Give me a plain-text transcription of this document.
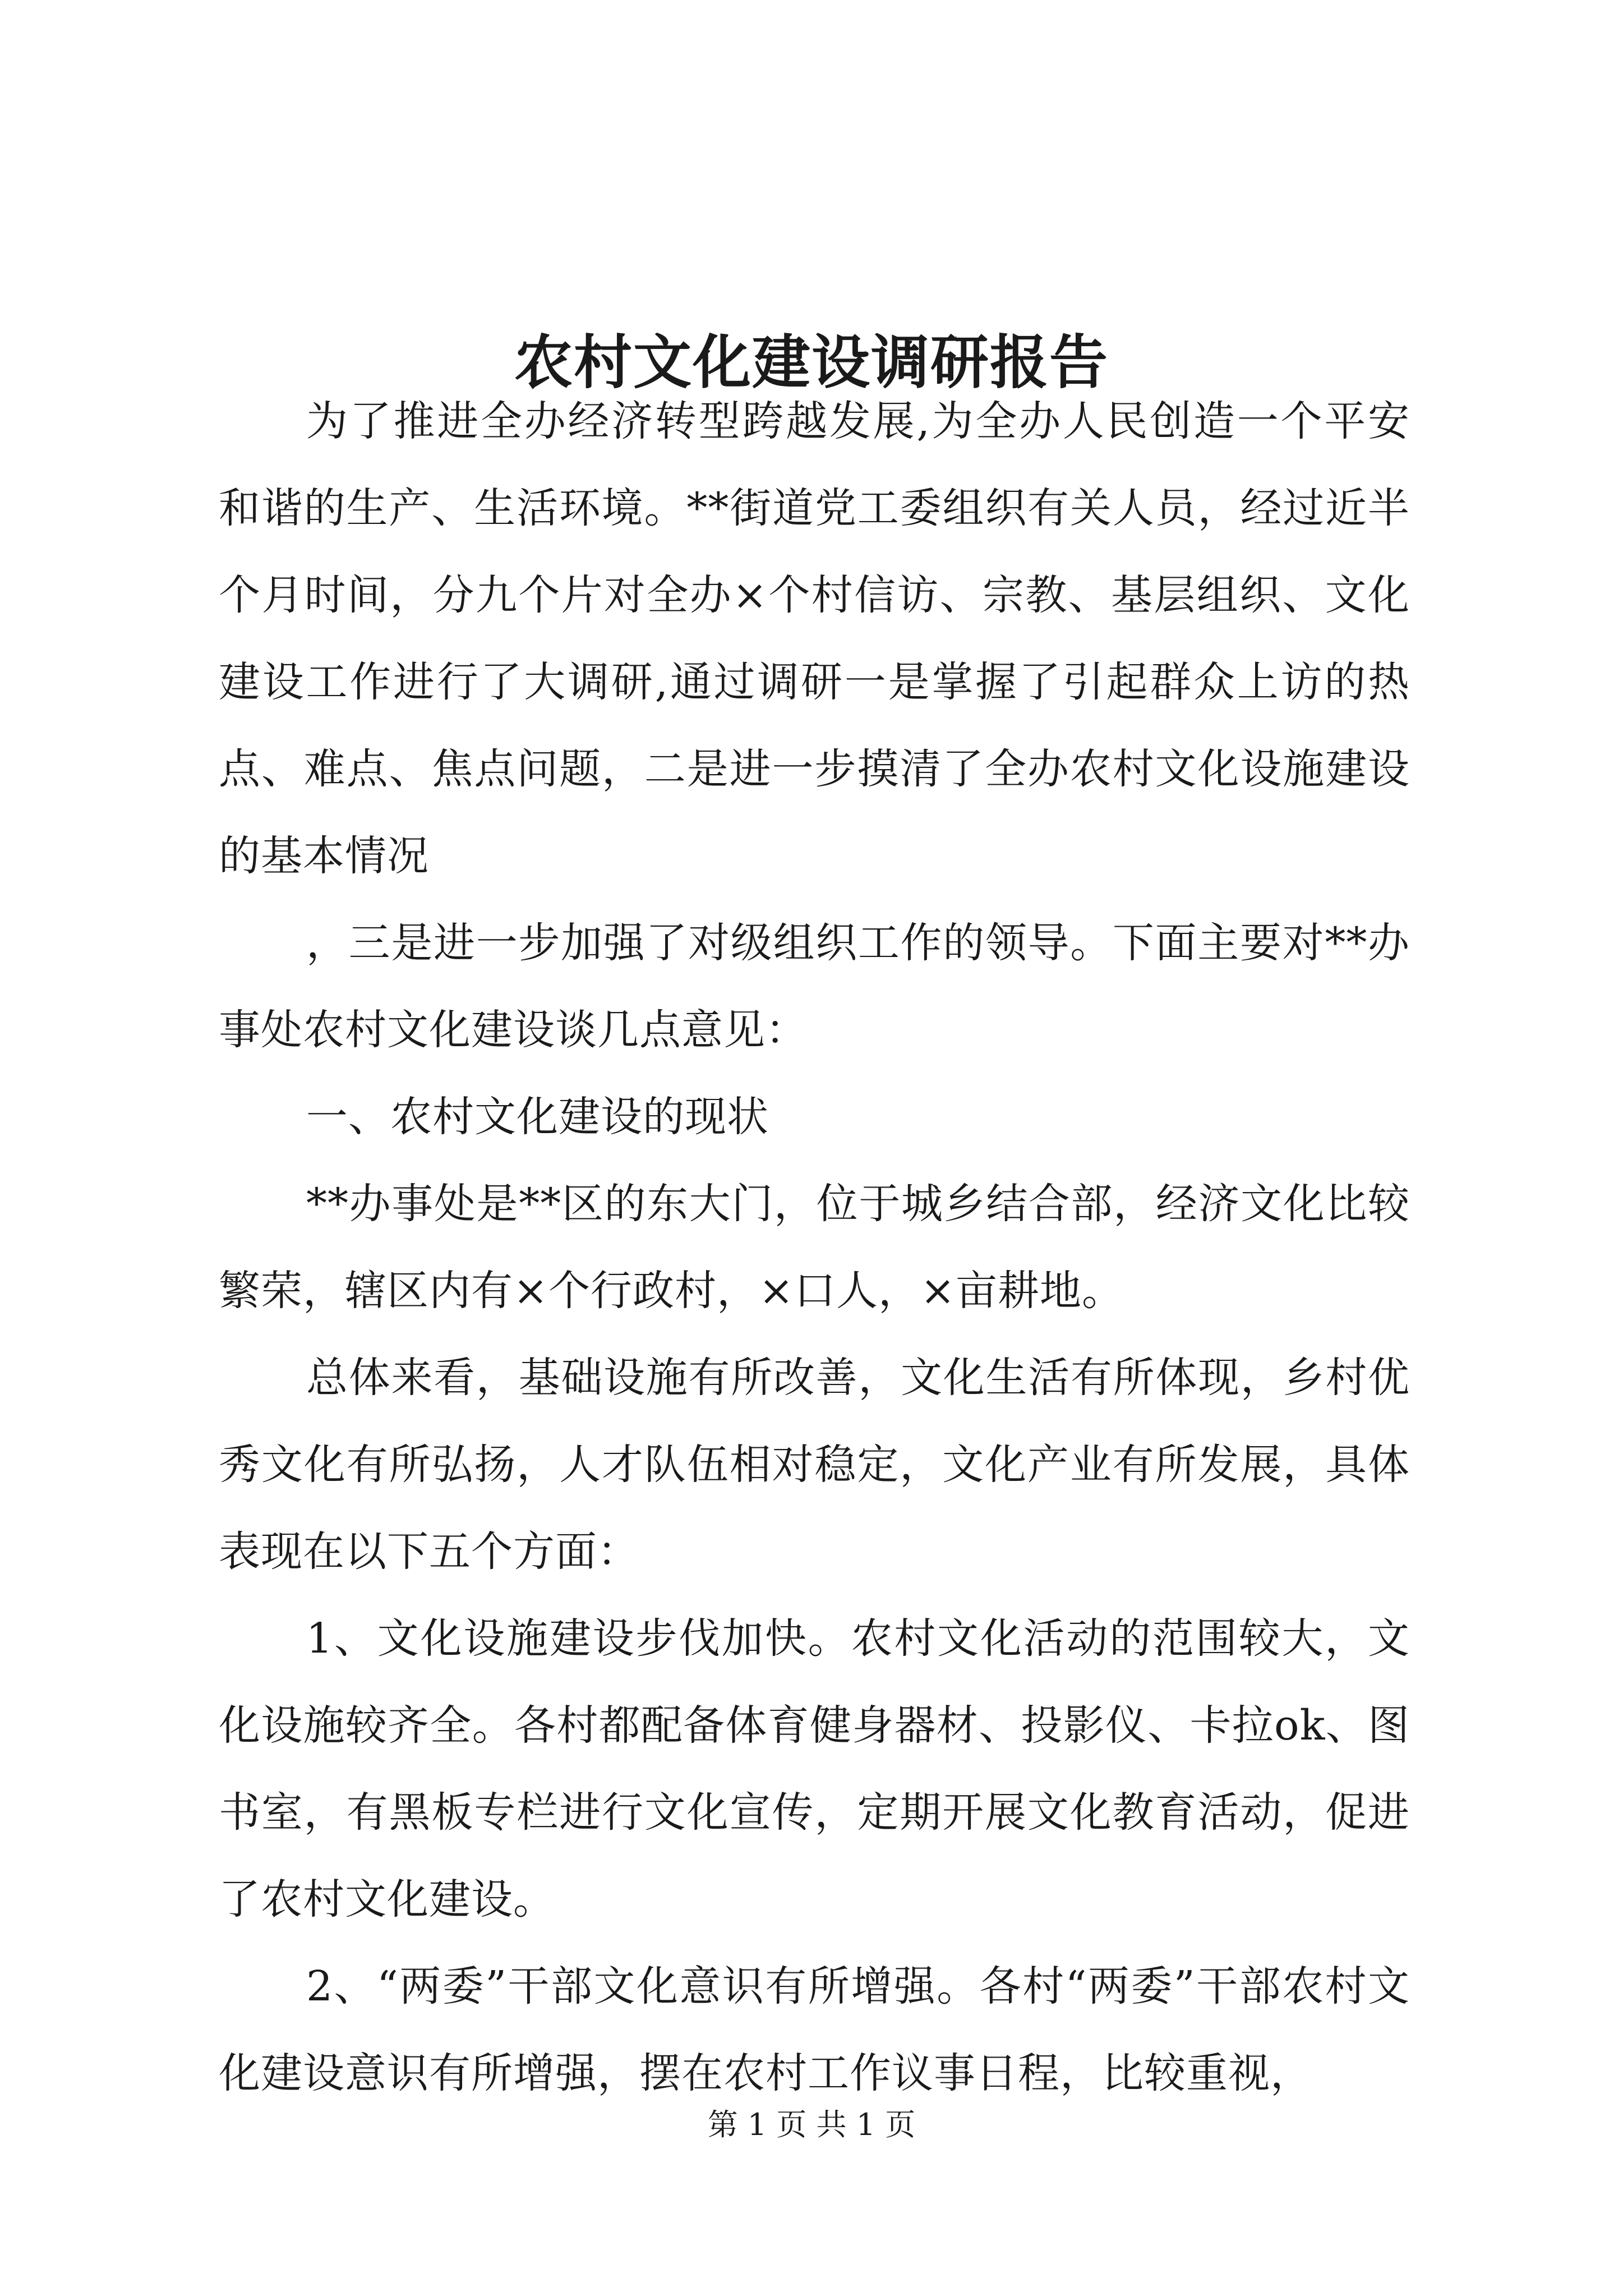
农村文化建设调研报告

为了推进全办经济转型跨越发展,为全办人民创造一个平安和谐的生产、生活环境。**街道党工委组织有关人员，经过近半个月时间，分九个片对全办×个村信访、宗教、基层组织、文化建设工作进行了大调研,通过调研一是掌握了引起群众上访的热点、难点、焦点问题，二是进一步摸清了全办农村文化设施建设的基本情况

，三是进一步加强了对级组织工作的领导。下面主要对**办事处农村文化建设谈几点意见：

一、农村文化建设的现状

**办事处是**区的东大门，位于城乡结合部，经济文化比较繁荣，辖区内有×个行政村，×口人，×亩耕地。

总体来看，基础设施有所改善，文化生活有所体现，乡村优秀文化有所弘扬，人才队伍相对稳定，文化产业有所发展，具体表现在以下五个方面：

1、文化设施建设步伐加快。农村文化活动的范围较大，文化设施较齐全。各村都配备体育健身器材、投影仪、卡拉ok、图书室，有黑板专栏进行文化宣传，定期开展文化教育活动，促进了农村文化建设。

2、“两委”干部文化意识有所增强。各村“两委”干部农村文化建设意识有所增强，摆在农村工作议事日程，比较重视，

第 1 页 共 1 页
